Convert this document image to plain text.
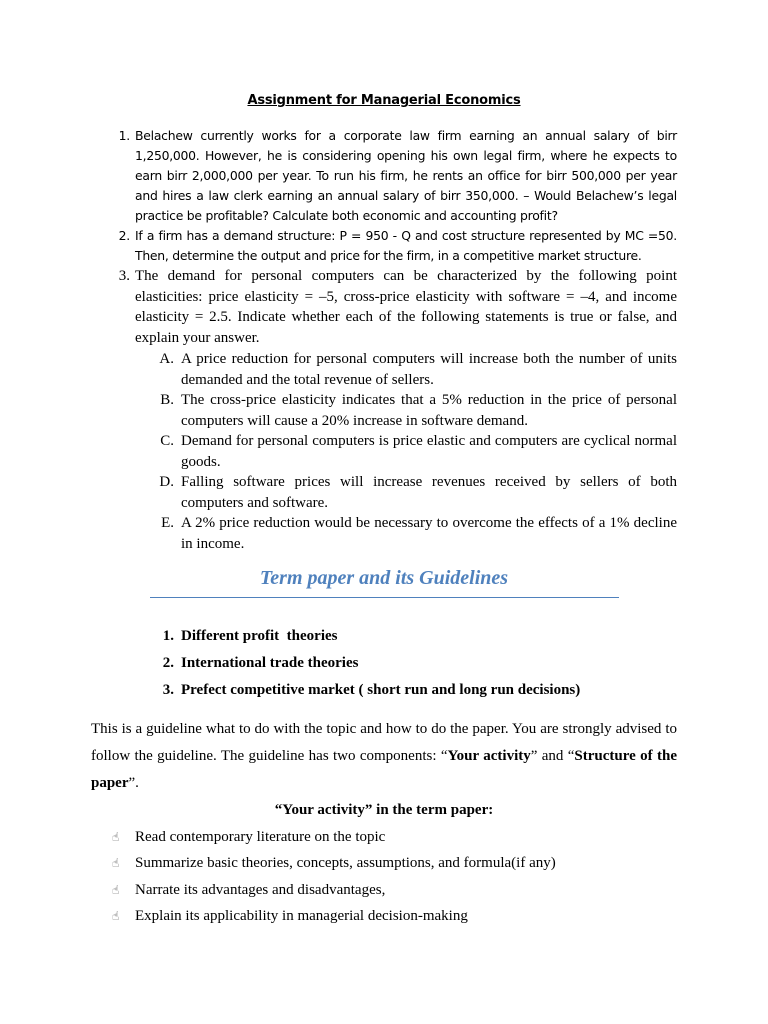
Assignment for Managerial Economics
1. Belachew currently works for a corporate law firm earning an annual salary of birr 1,250,000. However, he is considering opening his own legal firm, where he expects to earn birr 2,000,000 per year. To run his firm, he rents an office for birr 500,000 per year and hires a law clerk earning an annual salary of birr 350,000. – Would Belachew’s legal practice be profitable? Calculate both economic and accounting profit?
2. If a firm has a demand structure: P = 950 - Q and cost structure represented by MC =50. Then, determine the output and price for the firm, in a competitive market structure.
3. The demand for personal computers can be characterized by the following point elasticities: price elasticity = –5, cross-price elasticity with software = –4, and income elasticity = 2.5. Indicate whether each of the following statements is true or false, and explain your answer.
A. A price reduction for personal computers will increase both the number of units demanded and the total revenue of sellers.
B. The cross-price elasticity indicates that a 5% reduction in the price of personal computers will cause a 20% increase in software demand.
C. Demand for personal computers is price elastic and computers are cyclical normal goods.
D. Falling software prices will increase revenues received by sellers of both computers and software.
E. A 2% price reduction would be necessary to overcome the effects of a 1% decline in income.
Term paper and its Guidelines
1. Different profit  theories
2. International trade theories
3. Prefect competitive market ( short run and long run decisions)
This is a guideline what to do with the topic and how to do the paper. You are strongly advised to follow the guideline. The guideline has two components: “Your activity” and “Structure of the paper”.
“Your activity” in the term paper:
☝	Read contemporary literature on the topic
☝	Summarize basic theories, concepts, assumptions, and formula(if any)
☝	Narrate its advantages and disadvantages,
☝	Explain its applicability in managerial decision-making
